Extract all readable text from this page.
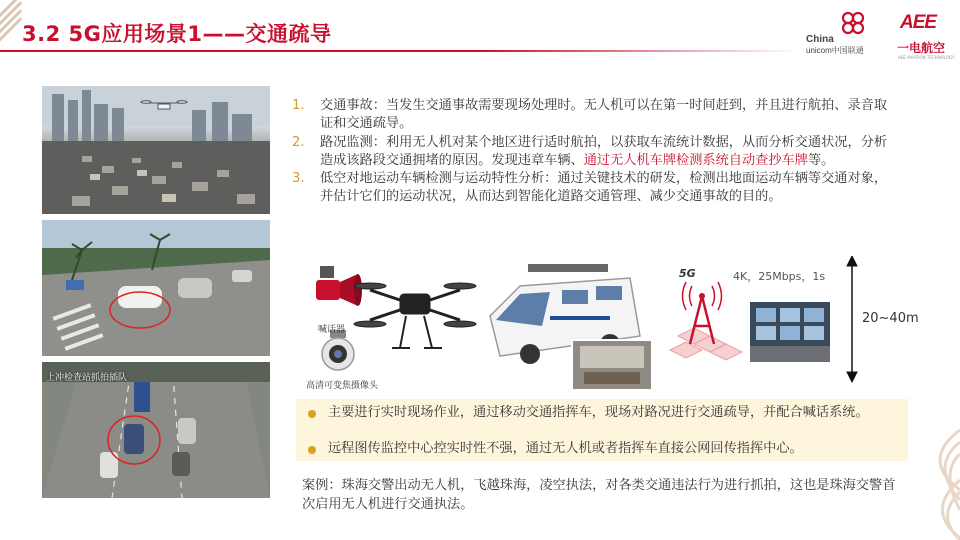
3.2 5G应用场景1——交通疏导	China
unicom中国联通
AEE
一电航空
AEE AVIATION TECHNOLOGY
上冲检查站抓拍插队

1. 交通事故：当发生交通事故需要现场处理时。无人机可以在第一时间赶到，并且进行航拍、录音取证和交通疏导。

2. 路况监测：利用无人机对某个地区进行适时航拍，以获取车流统计数据，从而分析交通状况，分析造成该路段交通拥堵的原因。发现违章车辆、通过无人机车牌检测系统自动查抄车牌等。

3. 低空对地运动车辆检测与运动特性分析：通过关键技术的研发，检测出地面运动车辆等交通对象，并估计它们的运动状况，从而达到智能化道路交通管理、减少交通事故的目的。

喊话器
高清可变焦摄像头
5G	4K，25Mbps，1s
20~40m
主要进行实时现场作业，通过移动交通指挥车，现场对路况进行交通疏导，并配合喊话系统。
远程图传监控中心控实时性不强，通过无人机或者指挥车直接公网回传指挥中心。
案例：珠海交警出动无人机，飞越珠海，凌空执法，对各类交通违法行为进行抓拍，这也是珠海交警首次启用无人机进行交通执法。
